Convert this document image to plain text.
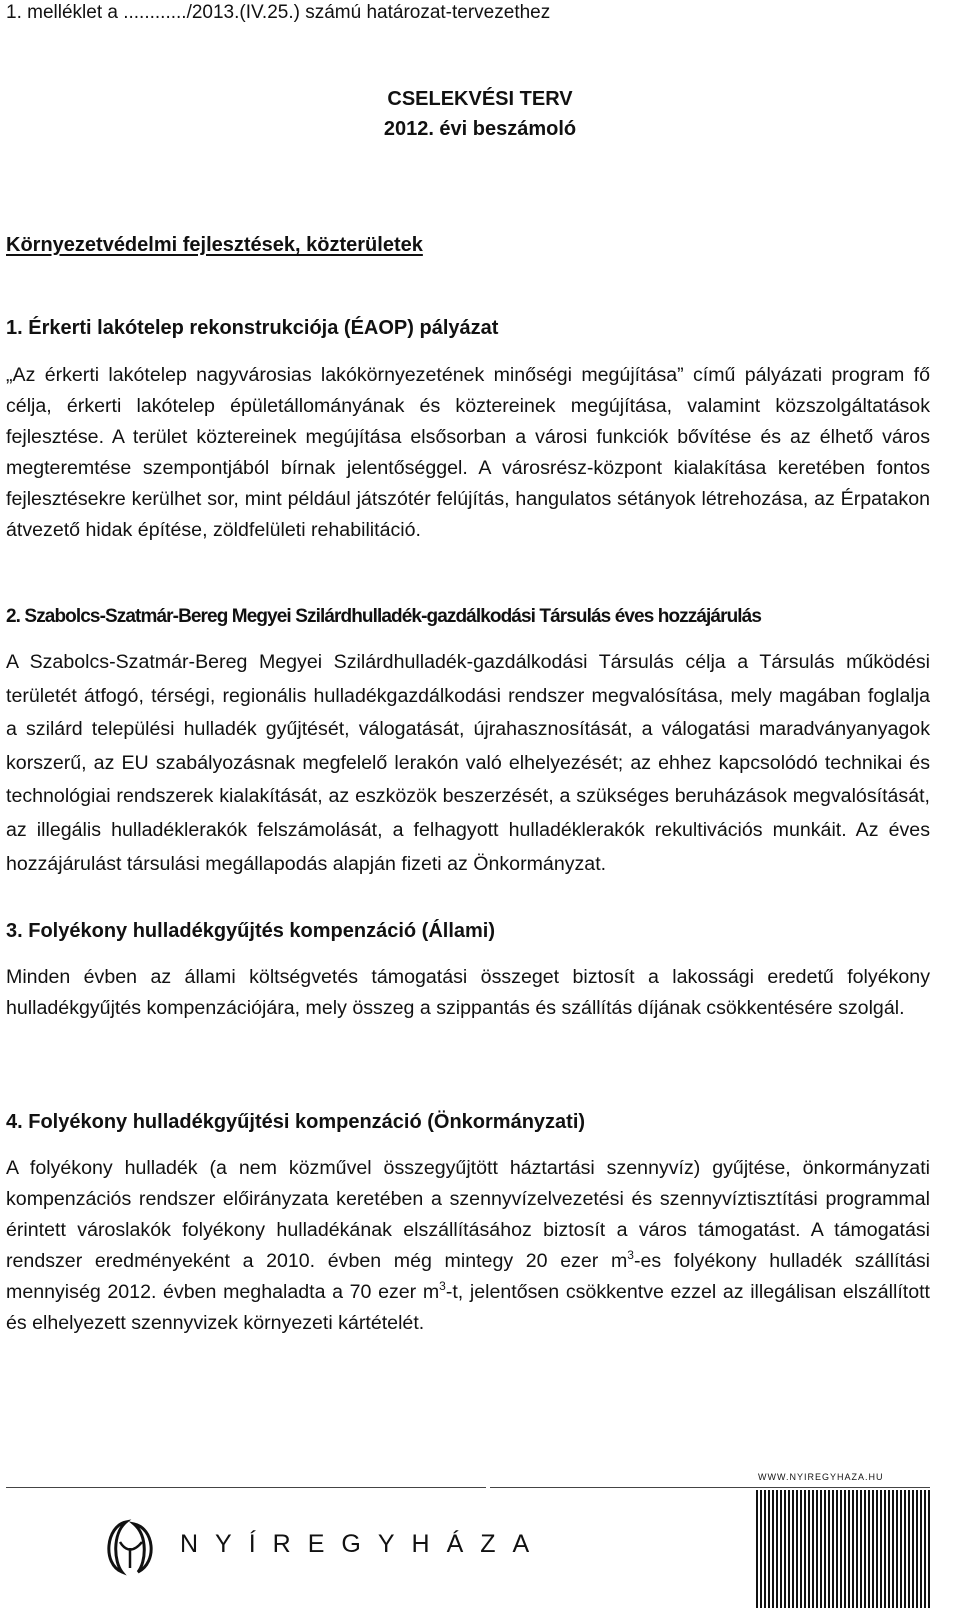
1. melléklet a ............/2013.(IV.25.) számú határozat-tervezethez
CSELEKVÉSI TERV
2012. évi beszámoló
Környezetvédelmi fejlesztések, közterületek
1. Érkerti lakótelep rekonstrukciója (ÉAOP) pályázat

„Az érkerti lakótelep nagyvárosias lakókörnyezetének minőségi megújítása” című pályázati program fő célja, érkerti lakótelep épületállományának és köztereinek megújítása, valamint közszolgáltatások fejlesztése. A terület köztereinek megújítása elsősorban a városi funkciók bővítése és az élhető város megteremtése szempontjából bírnak jelentőséggel. A városrész-központ kialakítása keretében fontos fejlesztésekre kerülhet sor, mint például játszótér felújítás, hangulatos sétányok létrehozása, az Érpatakon átvezető hidak építése, zöldfelületi rehabilitáció.

2. Szabolcs-Szatmár-Bereg Megyei Szilárdhulladék-gazdálkodási Társulás éves hozzájárulás

A Szabolcs-Szatmár-Bereg Megyei Szilárdhulladék-gazdálkodási Társulás célja a Társulás működési területét átfogó, térségi, regionális hulladékgazdálkodási rendszer megvalósítása, mely magában foglalja a szilárd települési hulladék gyűjtését, válogatását, újrahasznosítását, a válogatási maradványanyagok korszerű, az EU szabályozásnak megfelelő lerakón való elhelyezését; az ehhez kapcsolódó technikai és technológiai rendszerek kialakítását, az eszközök beszerzését, a szükséges beruházások megvalósítását, az illegális hulladéklerakók felszámolását, a felhagyott hulladéklerakók rekultivációs munkáit. Az éves hozzájárulást társulási megállapodás alapján fizeti az Önkormányzat.

3. Folyékony hulladékgyűjtés kompenzáció (Állami)

Minden évben az állami költségvetés támogatási összeget biztosít a lakossági eredetű folyékony hulladékgyűjtés kompenzációjára, mely összeg a szippantás és szállítás díjának csökkentésére szolgál.

4. Folyékony hulladékgyűjtési kompenzáció (Önkormányzati)

A folyékony hulladék (a nem közművel összegyűjtött háztartási szennyvíz) gyűjtése, önkormányzati kompenzációs rendszer előirányzata keretében a szennyvízelvezetési és szennyvíztisztítási programmal érintett városlakók folyékony hulladékának elszállításához biztosít a város támogatást. A támogatási rendszer eredményeként a 2010. évben még mintegy 20 ezer $m^3-es$ folyékony hulladék szállítási mennyiség 2012. évben meghaladta a 70 ezer $m^3-t$, jelentősen csökkentve ezzel az illegálisan elszállított és elhelyezett szennyvizek környezeti kártételét.

WWW.NYIREGYHAZA.HU
NYÍREGYHÁZA
